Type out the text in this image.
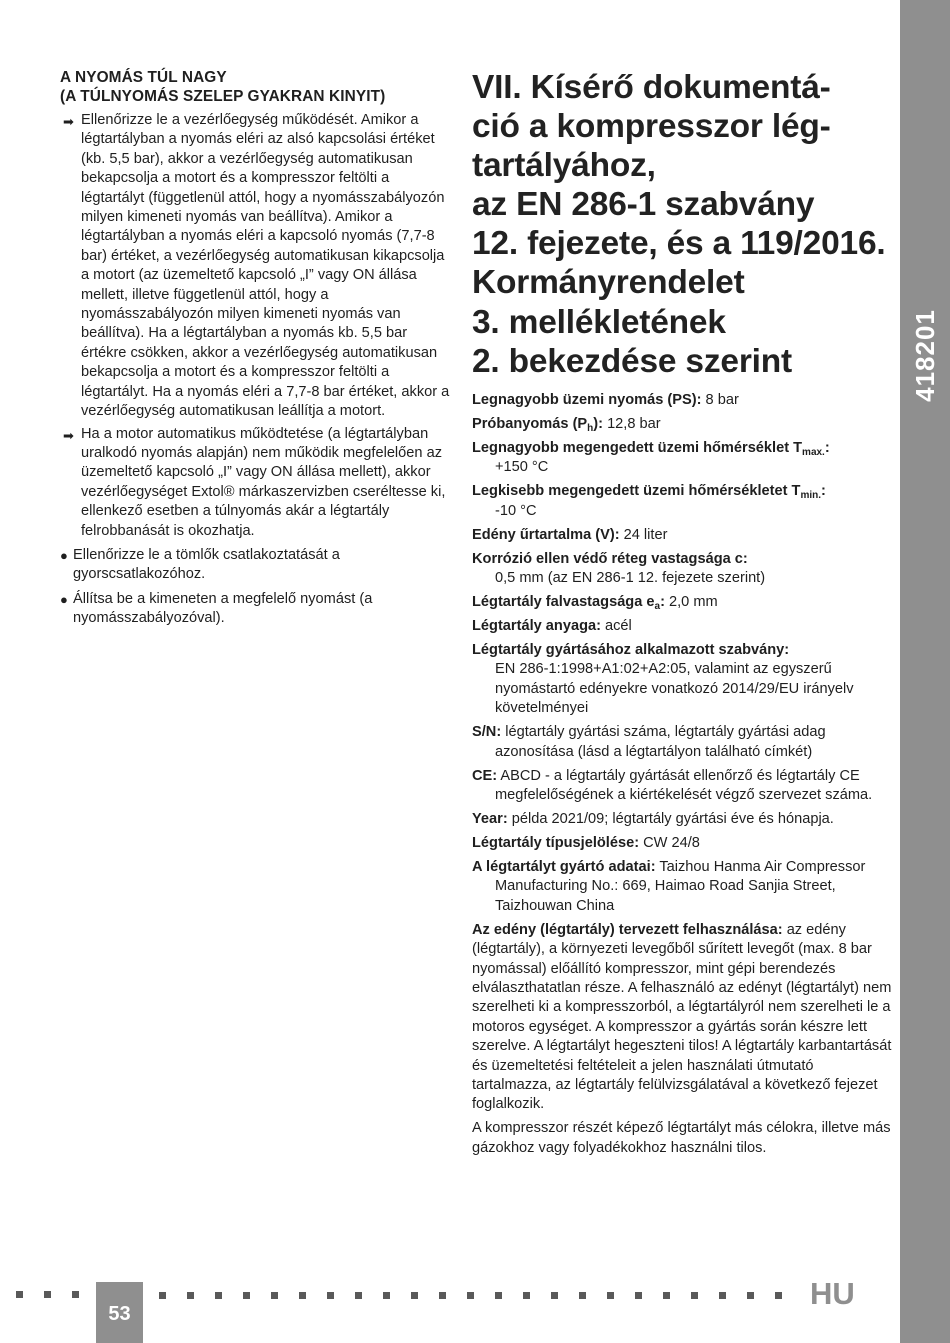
418201
A NYOMÁS TÚL NAGY
(A TÚLNYOMÁS SZELEP GYAKRAN KINYIT)
➡ Ellenőrizze le a vezérlőegység működését. Amikor a légtartályban a nyomás eléri az alsó kapcsolási értéket (kb. 5,5 bar), akkor a vezérlőegység automatikusan bekapcsolja a motort és a kompresszor feltölti a légtartályt (függetlenül attól, hogy a nyomásszabályozón milyen kimeneti nyomás van beállítva). Amikor a légtartályban a nyomás eléri a kapcsoló nyomás (7,7-8 bar) értéket, a vezérlőegység automatikusan kikapcsolja a motort (az üzemeltető kapcsoló „I” vagy ON állása mellett, illetve függetlenül attól, hogy a nyomásszabályozón milyen kimeneti nyomás van beállítva). Ha a légtartályban a nyomás kb. 5,5 bar értékre csökken, akkor a vezérlőegység automatikusan bekapcsolja a motort és a kompresszor feltölti a légtartályt. Ha a nyomás eléri a 7,7-8 bar értéket, akkor a vezérlőegység automatikusan leállítja a motort.
➡ Ha a motor automatikus működtetése (a légtartályban uralkodó nyomás alapján) nem működik megfelelően az üzemeltető kapcsoló „I” vagy ON állása mellett), akkor vezérlőegységet Extol® márkaszervizben cseréltesse ki, ellenkező esetben a túlnyomás akár a légtartály felrobbanását is okozhatja.
● Ellenőrizze le a tömlők csatlakoztatását a gyorscsatlakozóhoz.
● Állítsa be a kimeneten a megfelelő nyomást (a nyomásszabályozóval).
VII. Kísérő dokumentá-
ció a kompresszor lég-
tartályához,
az EN 286-1 szabvány
12. fejezete, és a 119/2016.
Kormányrendelet
3. mellékletének
2. bekezdése szerint
Legnagyobb üzemi nyomás (PS): 8 bar
Próbanyomás $(P_h)$: 12,8 bar
Legnagyobb megengedett üzemi hőmérséklet $T_{max.}$:
+150 °C
Legkisebb megengedett üzemi hőmérsékletet $T_{min.}$:
-10 °C
Edény űrtartalma (V): 24 liter
Korrózió ellen védő réteg vastagsága c:
0,5 mm (az EN 286-1 12. fejezete szerint)
Légtartály falvastagsága $e_a$: 2,0 mm
Légtartály anyaga: acél
Légtartály gyártásához alkalmazott szabvány:
EN 286-1:1998+A1:02+A2:05, valamint az egyszerű nyomástartó edényekre vonatkozó 2014/29/EU irányelv követelményei
S/N: légtartály gyártási száma, légtartály gyártási adag azonosítása (lásd a légtartályon található címkét)
CE: ABCD - a légtartály gyártását ellenőrző és légtartály CE megfelelőségének a kiértékelését végző szervezet száma.
Year: példa 2021/09; légtartály gyártási éve és hónapja.
Légtartály típusjelölése: CW 24/8
A légtartályt gyártó adatai: Taizhou Hanma Air Compressor Manufacturing No.: 669, Haimao Road Sanjia Street, Taizhouwan China
Az edény (légtartály) tervezett felhasználása: az edény (légtartály), a környezeti levegőből sűrített levegőt (max. 8 bar nyomással) előállító kompresszor, mint gépi berendezés elválaszthatatlan része. A felhasználó az edényt (légtartályt) nem szerelheti ki a kompresszorból, a légtartályról nem szerelheti le a motoros egységet. A kompresszor a gyártás során készre lett szerelve. A légtartályt hegeszteni tilos! A légtartály karbantartását és üzemeltetési feltételeit a jelen használati útmutató tartalmazza, az légtartály felülvizsgálatával a következő fejezet foglalkozik.
A kompresszor részét képező légtartályt más célokra, illetve más gázokhoz vagy folyadékokhoz használni tilos.
53
HU
